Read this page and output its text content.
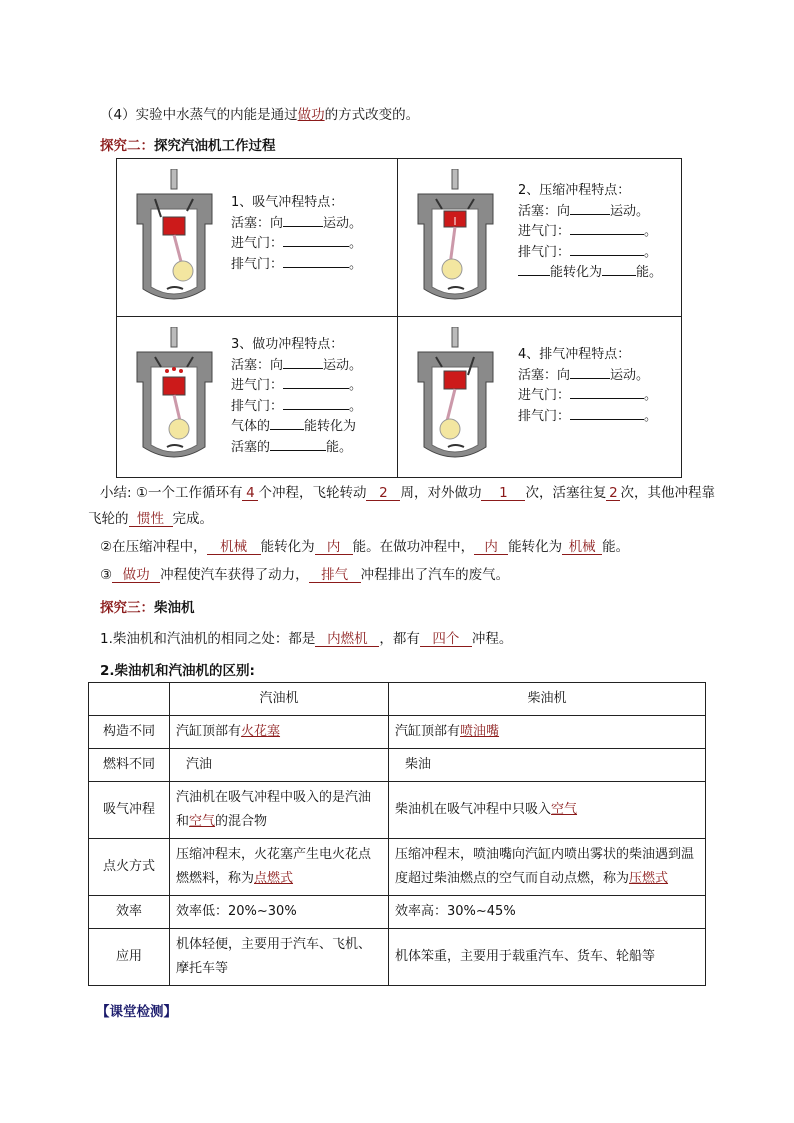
（4）实验中水蒸气的内能是通过做功的方式改变的。
探究二：探究汽油机工作过程
1、吸气冲程特点：
活塞：向	运动。
进气门：	。
排气门：	。
2、压缩冲程特点：
活塞：向	运动。
进气门：	。
排气门：	。
能转化为	能。
3、做功冲程特点：
活塞：向	运动。
进气门：	。
排气门：	。
气体的	能转化为
活塞的	能。
4、排气冲程特点：
活塞：向	运动。
进气门：	。
排气门：	。
小结: ①一个工作循环有 4 个冲程，飞轮转动 2 周，对外做功 1 次，活塞往复 2 次，其他冲程靠
飞轮的 惯性 完成。
②在压缩冲程中， 机械 能转化为 内 能。在做功冲程中， 内 能转化为 机械 能。
③ 做功 冲程使汽车获得了动力， 排气 冲程排出了汽车的废气。
探究三：柴油机
1.柴油机和汽油机的相同之处：都是 内燃机 ，都有 四个 冲程。
2.柴油机和汽油机的区别:
	汽油机	柴油机
构造不同	汽缸顶部有火花塞	汽缸顶部有喷油嘴
燃料不同	汽油	柴油
吸气冲程	汽油机在吸气冲程中吸入的是汽油和空气的混合物	柴油机在吸气冲程中只吸入空气
点火方式	压缩冲程末，火花塞产生电火花点燃燃料，称为点燃式	压缩冲程末，喷油嘴向汽缸内喷出雾状的柴油遇到温度超过柴油燃点的空气而自动点燃，称为压燃式
效率	效率低：20%~30%	效率高：30%~45%
应用	机体轻便，主要用于汽车、飞机、摩托车等	机体笨重，主要用于载重汽车、货车、轮船等
【课堂检测】
